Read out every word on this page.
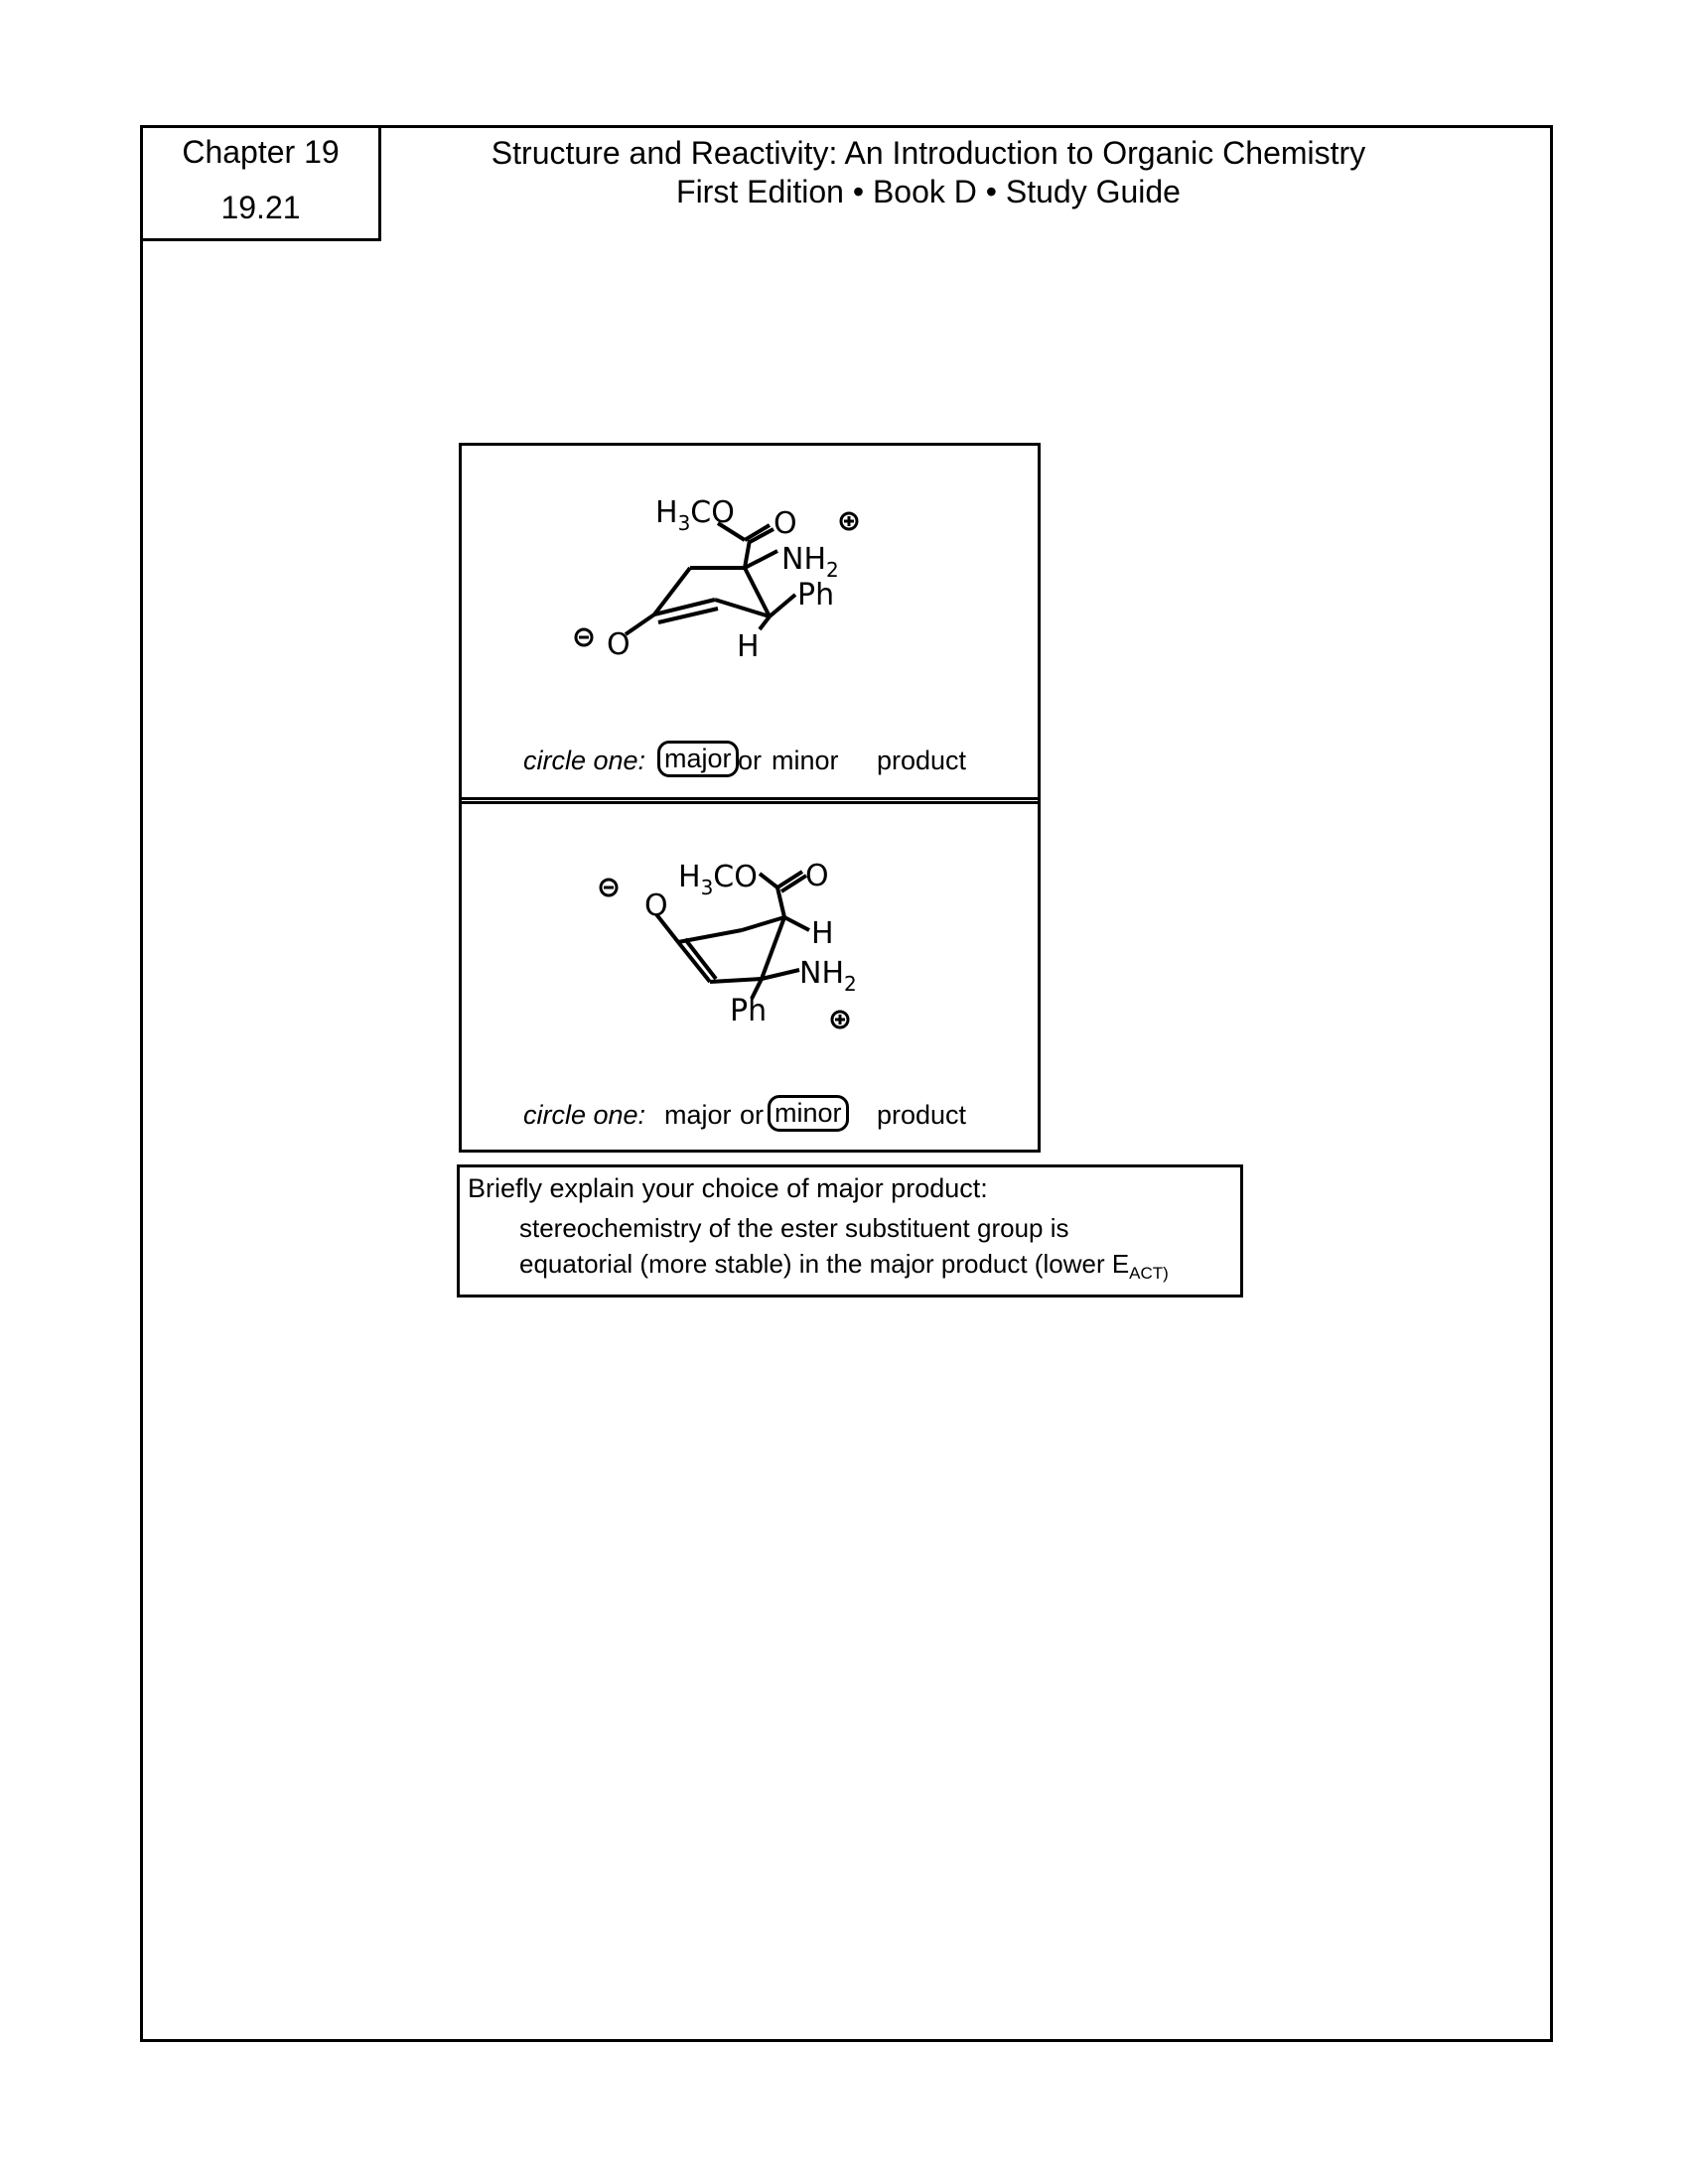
Chapter 19
19.21
Structure and Reactivity: An Introduction to Organic Chemistry
First Edition • Book D • Study Guide
$H_3CO$ O
$NH_2$
Ph
H
O
circle one: major or minor product
$H_3CO$ O
O
H
$NH_2$
Ph
circle one: major or minor product
Briefly explain your choice of major product:
stereochemistry of the ester substituent group is
equatorial (more stable) in the major product (lower $E_{ACT)}$
